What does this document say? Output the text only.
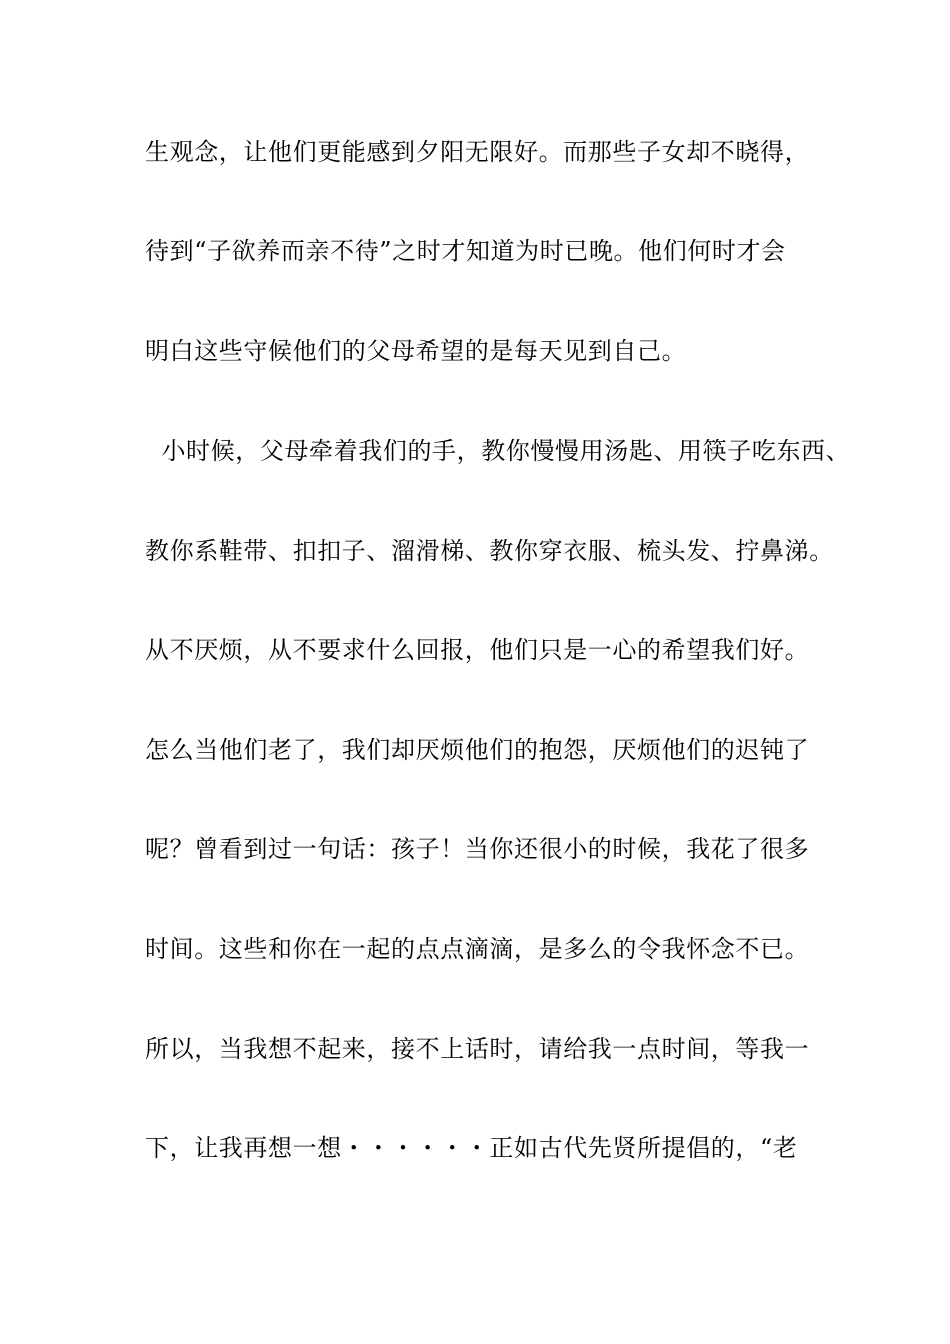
生观念，让他们更能感到夕阳无限好。而那些子女却不晓得，
待到“子欲养而亲不待”之时才知道为时已晚。他们何时才会
明白这些守候他们的父母希望的是每天见到自己。
小时候，父母牵着我们的手，教你慢慢用汤匙、用筷子吃东西、
教你系鞋带、扣扣子、溜滑梯、教你穿衣服、梳头发、拧鼻涕。
从不厌烦，从不要求什么回报，他们只是一心的希望我们好。
怎么当他们老了，我们却厌烦他们的抱怨，厌烦他们的迟钝了
呢？曾看到过一句话：孩子！当你还很小的时候，我花了很多
时间。这些和你在一起的点点滴滴，是多么的令我怀念不已。
所以，当我想不起来，接不上话时，请给我一点时间，等我一
下，让我再想一想・・・・・・正如古代先贤所提倡的，“老
